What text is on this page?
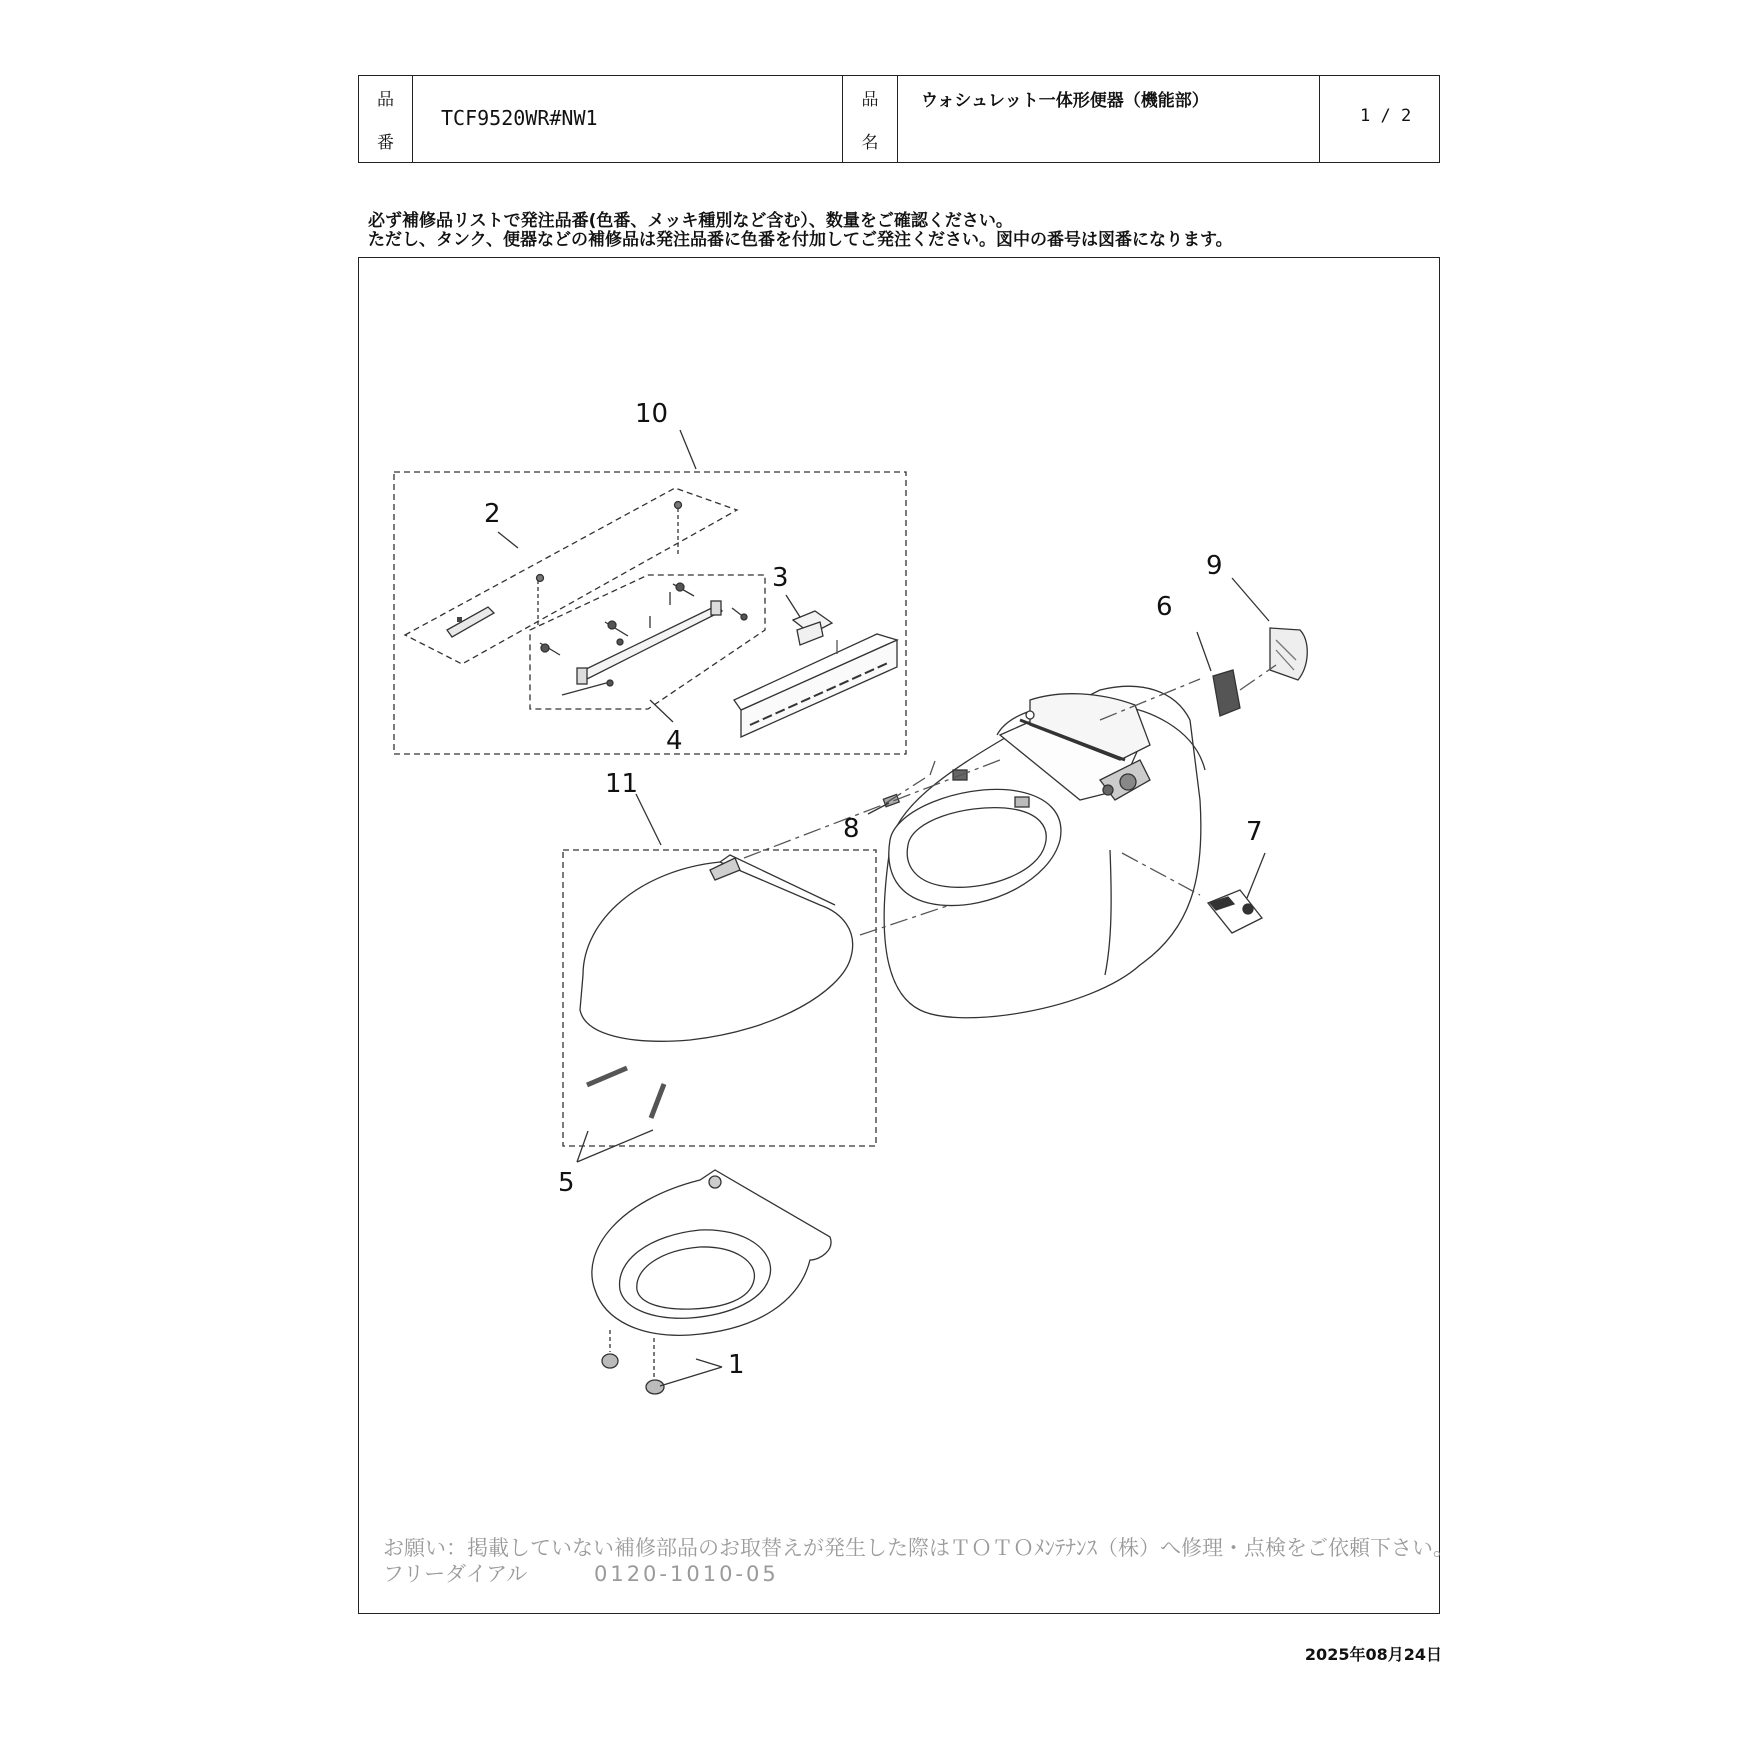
品
番
TCF9520WR#NW1
品
名
ウォシュレット一体形便器（機能部）
1 / 2
必ず補修品リストで発注品番(色番、メッキ種別など含む）、数量をご確認ください。
ただし、タンク、便器などの補修品は発注品番に色番を付加してご発注ください。図中の番号は図番になります。
10
2
3
4
11
6
9
7
8
5
1
お願い：掲載していない補修部品のお取替えが発生した際はＴＯＴＯﾒﾝﾃﾅﾝｽ（株）へ修理・点検をご依頼下さい。
フリーダイアル	0120-1010-05
2025年08月24日
